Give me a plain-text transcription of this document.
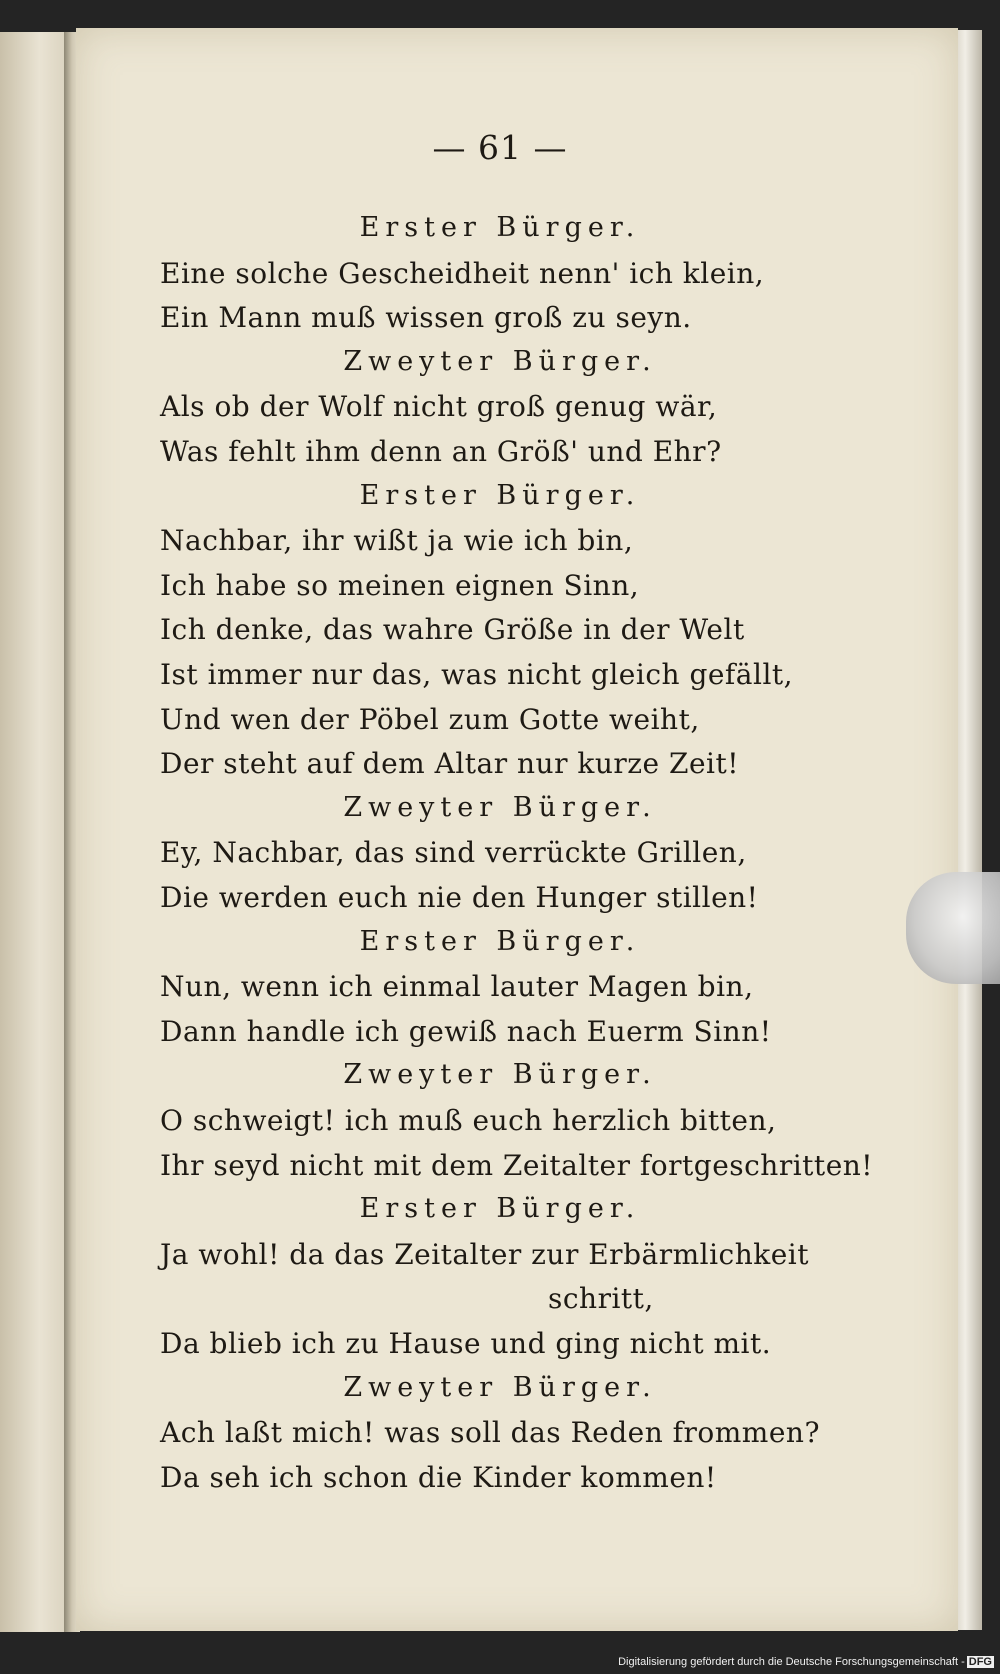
— 61 —
Erster Bürger.
Eine solche Gescheidheit nenn' ich klein,
Ein Mann muß wissen groß zu seyn.
Zweyter Bürger.
Als ob der Wolf nicht groß genug wär,
Was fehlt ihm denn an Größ' und Ehr?
Erster Bürger.
Nachbar, ihr wißt ja wie ich bin,
Ich habe so meinen eignen Sinn,
Ich denke, das wahre Größe in der Welt
Ist immer nur das, was nicht gleich gefällt,
Und wen der Pöbel zum Gotte weiht,
Der steht auf dem Altar nur kurze Zeit!
Zweyter Bürger.
Ey, Nachbar, das sind verrückte Grillen,
Die werden euch nie den Hunger stillen!
Erster Bürger.
Nun, wenn ich einmal lauter Magen bin,
Dann handle ich gewiß nach Euerm Sinn!
Zweyter Bürger.
O schweigt! ich muß euch herzlich bitten,
Ihr seyd nicht mit dem Zeitalter fortgeschritten!
Erster Bürger.
Ja wohl! da das Zeitalter zur Erbärmlichkeit
schritt,
Da blieb ich zu Hause und ging nicht mit.
Zweyter Bürger.
Ach laßt mich! was soll das Reden frommen?
Da seh ich schon die Kinder kommen!
Digitalisierung gefördert durch die Deutsche Forschungsgemeinschaft - DFG
